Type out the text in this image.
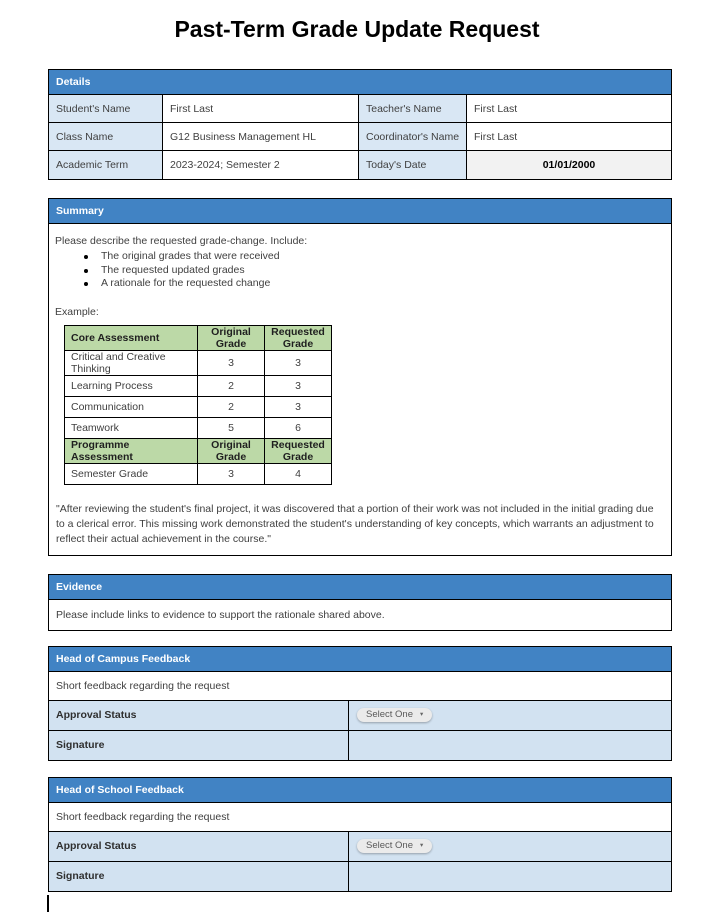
Past-Term Grade Update Request
Details
Student's Name	First Last	Teacher's Name	First Last
Class Name	G12 Business Management HL	Coordinator's Name	First Last
Academic Term	2023-2024; Semester 2	Today's Date	01/01/2000
Summary

Please describe the requested grade-change. Include:

The original grades that were received
The requested updated grades
A rationale for the requested change

Example:

Core Assessment	Original Grade	Requested Grade
Critical and Creative Thinking	3	3
Learning Process	2	3
Communication	2	3
Teamwork	5	6
Programme Assessment	Original Grade	Requested Grade
Semester Grade	3	4

"After reviewing the student's final project, it was discovered that a portion of their work was not included in the initial grading due to a clerical error. This missing work demonstrated the student's understanding of key concepts, which warrants an adjustment to reflect their actual achievement in the course."

Evidence
Please include links to evidence to support the rationale shared above.
Head of Campus Feedback
Short feedback regarding the request
Approval Status	Select One ▾
Signature
Head of School Feedback
Short feedback regarding the request
Approval Status	Select One ▾
Signature
